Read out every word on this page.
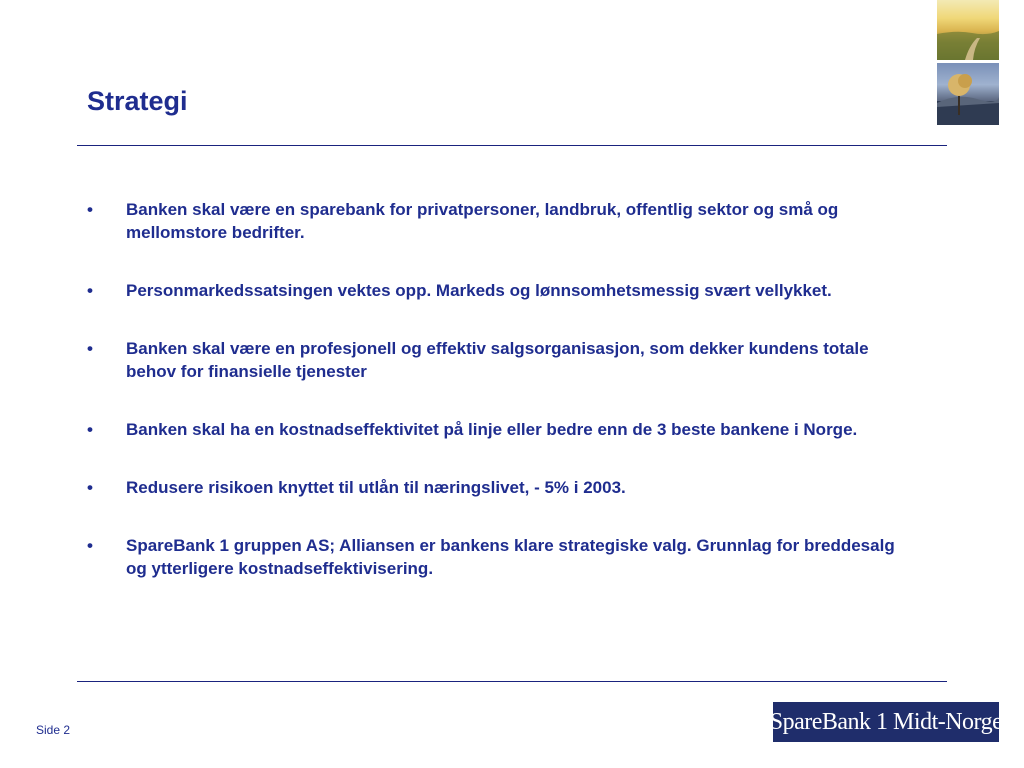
Strategi
• Banken skal være en sparebank for privatpersoner, landbruk, offentlig sektor og små og mellomstore bedrifter.
• Personmarkedssatsingen vektes opp. Markeds og lønnsomhetsmessig svært vellykket.
• Banken skal være en profesjonell og effektiv salgsorganisasjon, som dekker kundens totale behov for finansielle tjenester
• Banken skal ha en kostnadseffektivitet på linje eller bedre enn de 3 beste bankene i Norge.
• Redusere risikoen knyttet til utlån til næringslivet, - 5% i 2003.
• SpareBank 1 gruppen AS; Alliansen er bankens klare strategiske valg. Grunnlag for breddesalg og ytterligere kostnadseffektivisering.
Side 2	SpareBank 1 Midt-Norge
